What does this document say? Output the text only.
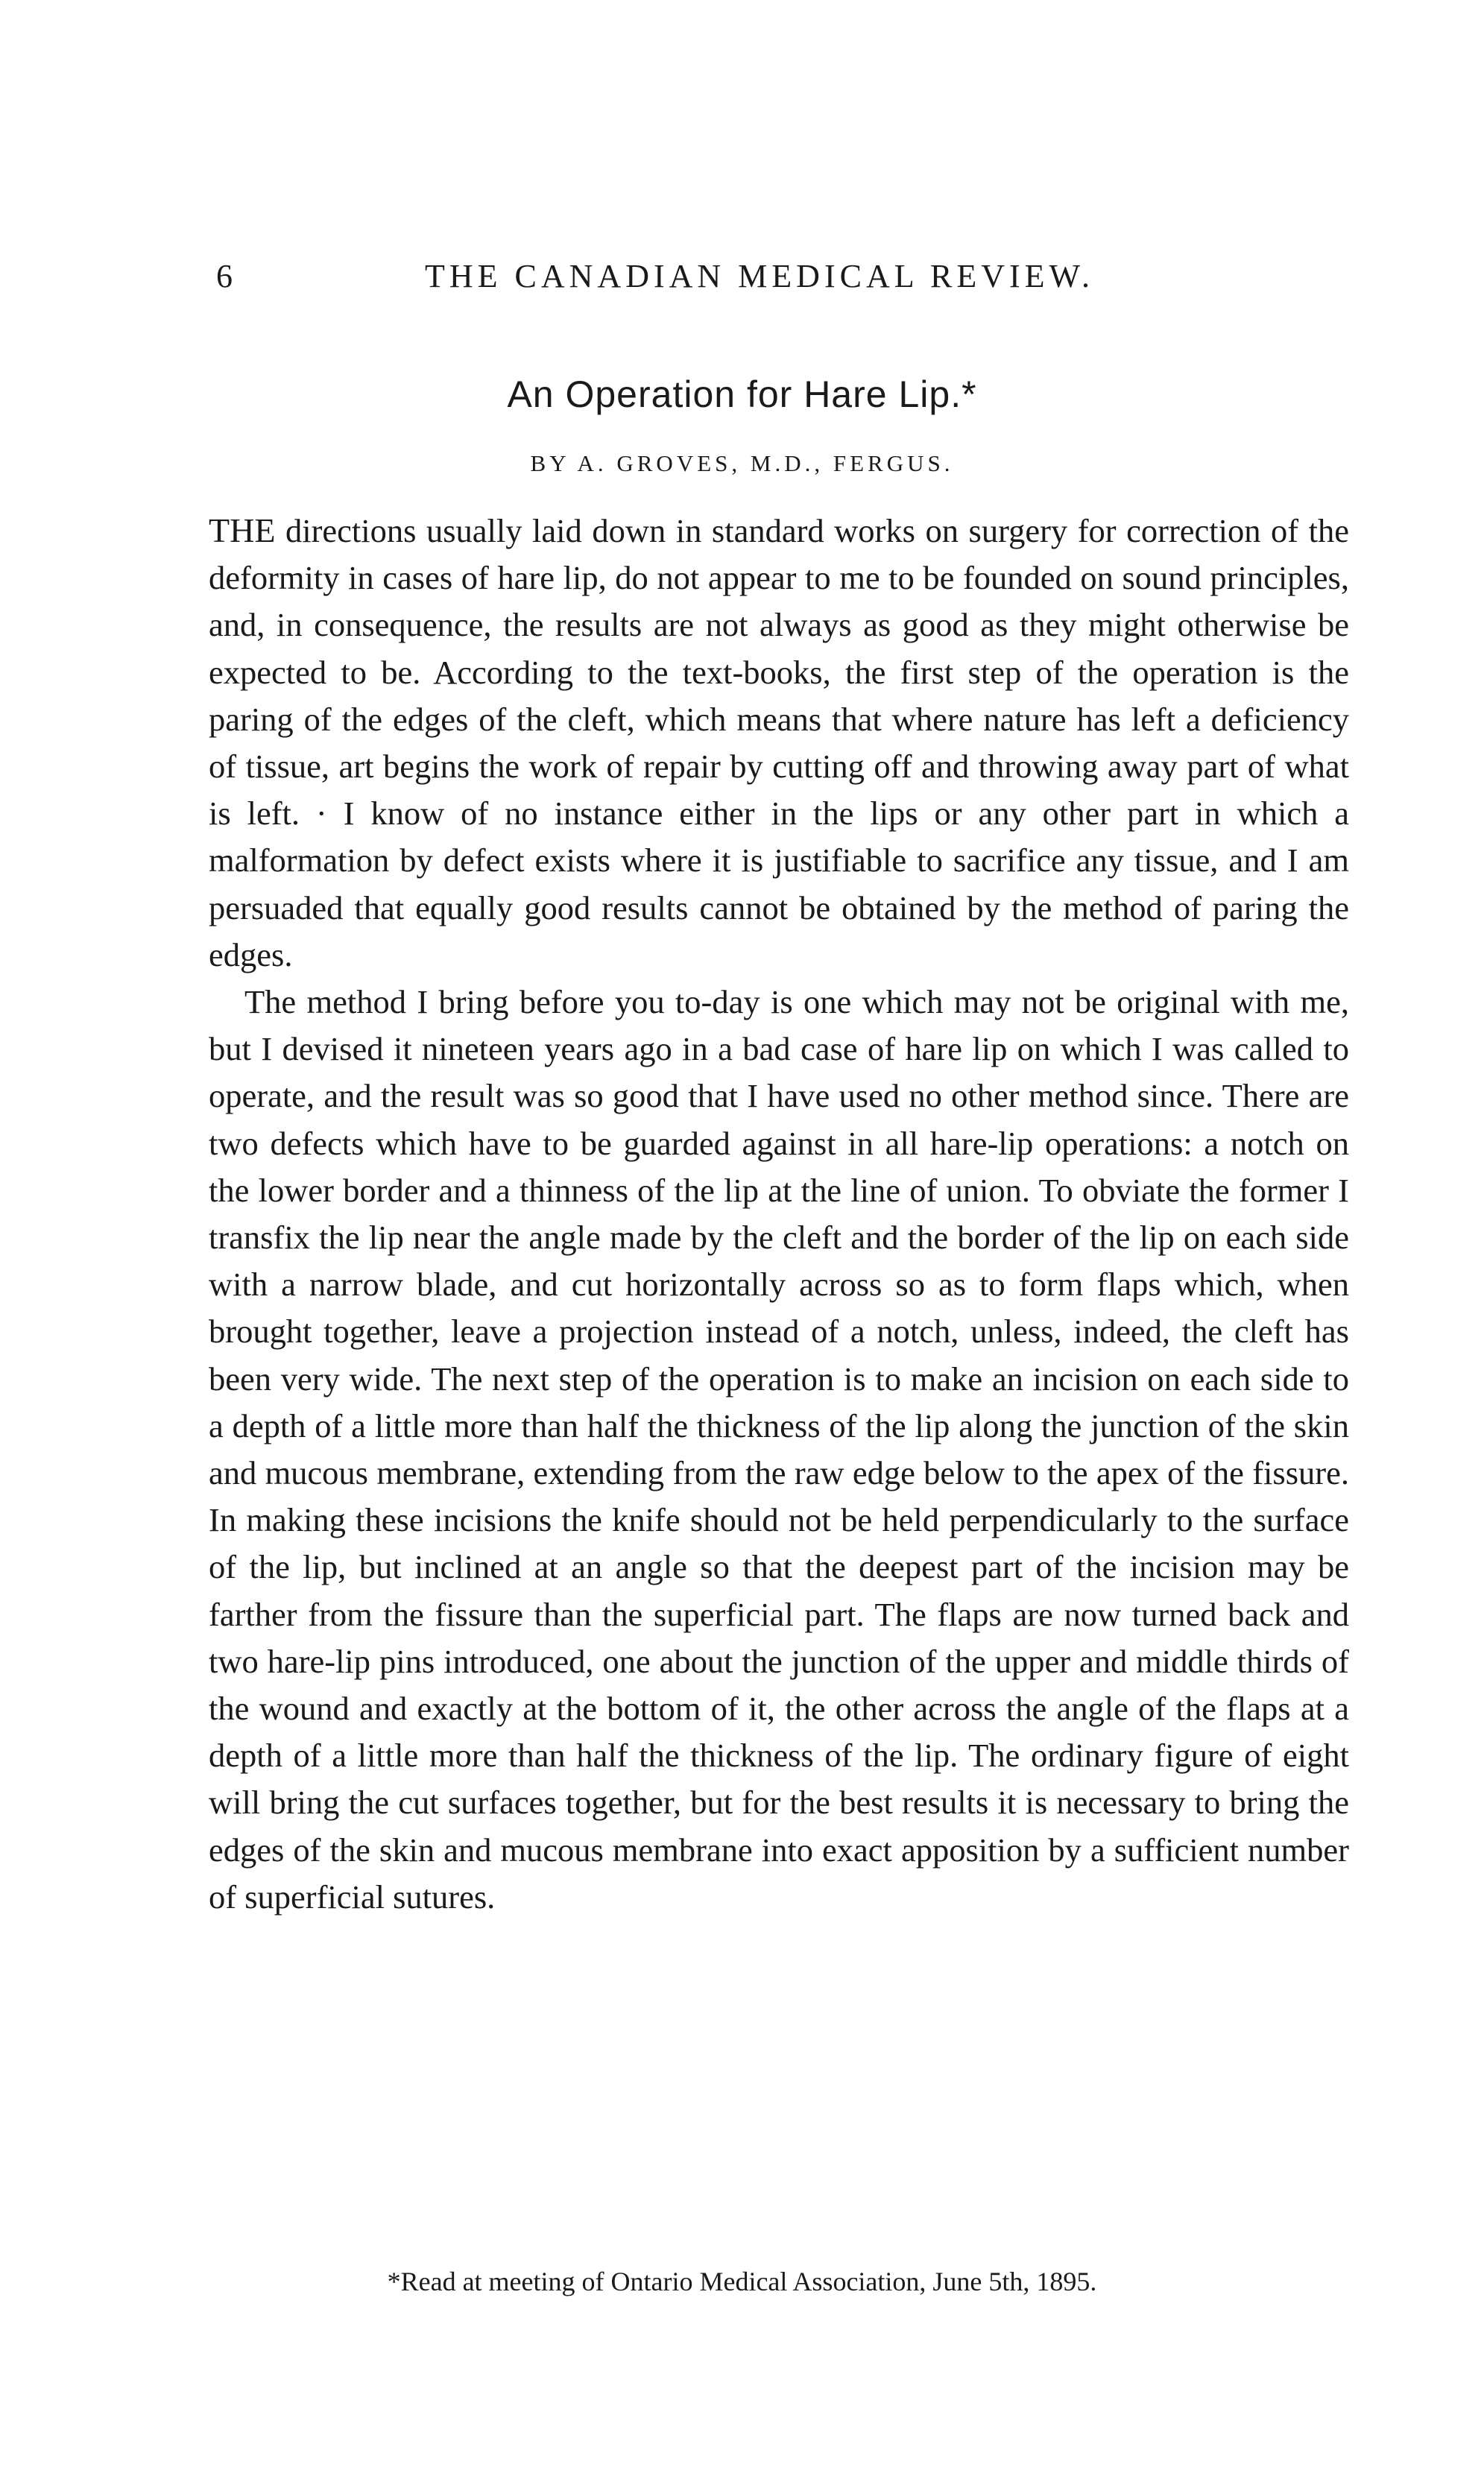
6	THE CANADIAN MEDICAL REVIEW.
An Operation for Hare Lip.*
BY A. GROVES, M.D., FERGUS.

THE directions usually laid down in standard works on surgery for correction of the deformity in cases of hare lip, do not appear to me to be founded on sound principles, and, in consequence, the results are not always as good as they might otherwise be expected to be. According to the text-books, the first step of the operation is the paring of the edges of the cleft, which means that where nature has left a deficiency of tissue, art begins the work of repair by cutting off and throwing away part of what is left. · I know of no instance either in the lips or any other part in which a malformation by defect exists where it is justifiable to sacrifice any tissue, and I am persuaded that equally good results cannot be obtained by the method of paring the edges.

The method I bring before you to-day is one which may not be original with me, but I devised it nineteen years ago in a bad case of hare lip on which I was called to operate, and the result was so good that I have used no other method since. There are two defects which have to be guarded against in all hare-lip operations: a notch on the lower border and a thinness of the lip at the line of union. To obviate the former I transfix the lip near the angle made by the cleft and the border of the lip on each side with a narrow blade, and cut horizontally across so as to form flaps which, when brought together, leave a projection instead of a notch, unless, indeed, the cleft has been very wide. The next step of the operation is to make an incision on each side to a depth of a little more than half the thickness of the lip along the junction of the skin and mucous membrane, extending from the raw edge below to the apex of the fissure. In making these incisions the knife should not be held perpendicularly to the surface of the lip, but inclined at an angle so that the deepest part of the incision may be farther from the fissure than the superficial part. The flaps are now turned back and two hare-lip pins introduced, one about the junction of the upper and middle thirds of the wound and exactly at the bottom of it, the other across the angle of the flaps at a depth of a little more than half the thickness of the lip. The ordinary figure of eight will bring the cut surfaces together, but for the best results it is necessary to bring the edges of the skin and mucous membrane into exact apposition by a sufficient number of superficial sutures.

*Read at meeting of Ontario Medical Association, June 5th, 1895.
